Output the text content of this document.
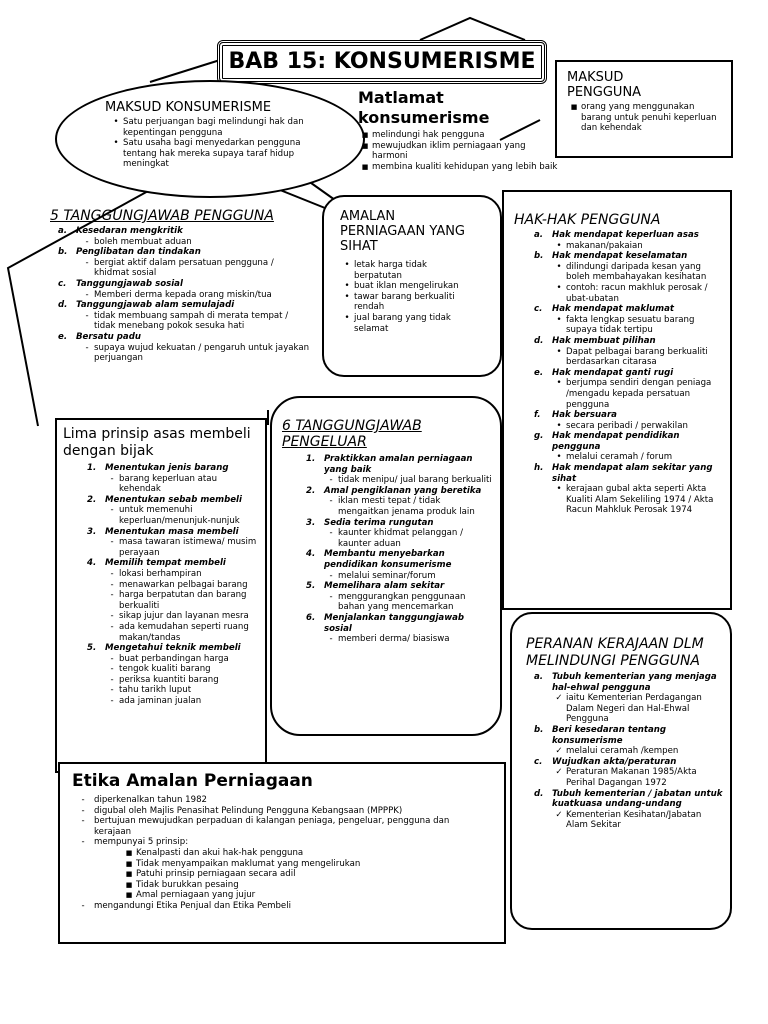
BAB 15: KONSUMERISME
MAKSUD KONSUMERISME
• Satu perjuangan bagi melindungi hak dan kepentingan pengguna
• Satu usaha bagi menyedarkan pengguna tentang hak mereka supaya taraf hidup meningkat
Matlamat konsumerisme
■ melindungi hak pengguna
■ mewujudkan iklim perniagaan yang harmoni
■ membina kualiti kehidupan yang lebih baik
MAKSUD PENGGUNA
■ orang yang menggunakan barang untuk penuhi keperluan dan kehendak
5 TANGGUNGJAWAB PENGGUNA
a.	Kesedaran mengkritik
- boleh membuat aduan
b. Penglibatan dan tindakan
- bergiat aktif dalam persatuan pengguna / khidmat sosial
c.	Tanggungjawab sosial
- Memberi derma kepada orang miskin/tua
d. Tanggungjawab alam semulajadi
- tidak membuang sampah di merata tempat / tidak menebang pokok sesuka hati
e.	Bersatu padu
- supaya wujud kekuatan / pengaruh untuk jayakan perjuangan
AMALAN PERNIAGAAN YANG SIHAT
• letak harga tidak berpatutan
• buat iklan mengelirukan
• tawar barang berkualiti rendah
• jual barang yang tidak selamat
HAK-HAK PENGGUNA
a.	Hak mendapat keperluan asas
• makanan/pakaian
b. Hak mendapat keselamatan
• dilindungi daripada kesan yang boleh membahayakan kesihatan
• contoh: racun makhluk perosak / ubat-ubatan
c.	Hak mendapat maklumat
• fakta lengkap sesuatu barang supaya tidak tertipu
d. Hak membuat pilihan
• Dapat pelbagai barang berkualiti berdasarkan citarasa
e.	Hak mendapat ganti rugi
• berjumpa sendiri dengan peniaga /mengadu kepada persatuan pengguna
f.	Hak bersuara
• secara peribadi / perwakilan
g. Hak mendapat pendidikan pengguna
• melalui ceramah / forum
h.	Hak mendapat alam sekitar yang sihat
• kerajaan gubal akta seperti Akta Kualiti Alam Sekeliling 1974 / Akta Racun Mahkluk Perosak 1974
Lima prinsip asas membeli dengan bijak
1.	Menentukan jenis barang
- barang keperluan atau kehendak
2.	Menentukan sebab membeli
- untuk memenuhi keperluan/menunjuk-nunjuk
3.	Menentukan masa membeli
- masa tawaran istimewa/ musim perayaan
4.	Memilih tempat membeli
- lokasi berhampiran
- menawarkan pelbagai barang
- harga berpatutan dan barang berkualiti
- sikap jujur dan layanan mesra
- ada kemudahan seperti ruang makan/tandas
5.	Mengetahui teknik membeli
- buat perbandingan harga
- tengok kualiti barang
- periksa kuantiti barang
- tahu tarikh luput
- ada jaminan jualan
6 TANGGUNGJAWAB PENGELUAR
1.	Praktikkan amalan perniagaan yang baik
- tidak menipu/ jual barang berkualiti
2.	Amal pengiklanan yang beretika
- iklan mesti tepat / tidak mengaitkan jenama produk lain
3.	Sedia terima rungutan
- kaunter khidmat pelanggan / kaunter aduan
4.	Membantu menyebarkan pendidikan konsumerisme
- melalui seminar/forum
5.	Memelihara alam sekitar
- menggurangkan penggunaan bahan yang mencemarkan
6.	Menjalankan tanggungjawab sosial
- memberi derma/ biasiswa	PERANAN KERAJAAN DLM MELINDUNGI PENGGUNA
a.	Tubuh kementerian yang menjaga hal-ehwal pengguna
✓ iaitu Kementerian Perdagangan Dalam Negeri dan Hal-Ehwal Pengguna
b. Beri kesedaran tentang konsumerisme
✓ melalui ceramah /kempen
c.	Wujudkan akta/peraturan
✓ Peraturan Makanan 1985/Akta Perihal Dagangan 1972
d. Tubuh kementerian / jabatan untuk kuatkuasa undang-undang
✓ Kementerian Kesihatan/Jabatan Alam Sekitar
Etika Amalan Perniagaan
-	diperkenalkan tahun 1982
-	digubal oleh Majlis Penasihat Pelindung Pengguna Kebangsaan (MPPPK)
-	bertujuan mewujudkan perpaduan di kalangan peniaga, pengeluar, pengguna dan kerajaan
-	mempunyai 5 prinsip:
■ Kenalpasti dan akui hak-hak pengguna
■ Tidak menyampaikan maklumat yang mengelirukan
■ Patuhi prinsip perniagaan secara adil
■ Tidak burukkan pesaing
■ Amal perniagaan yang jujur
-	mengandungi Etika Penjual dan Etika Pembeli
